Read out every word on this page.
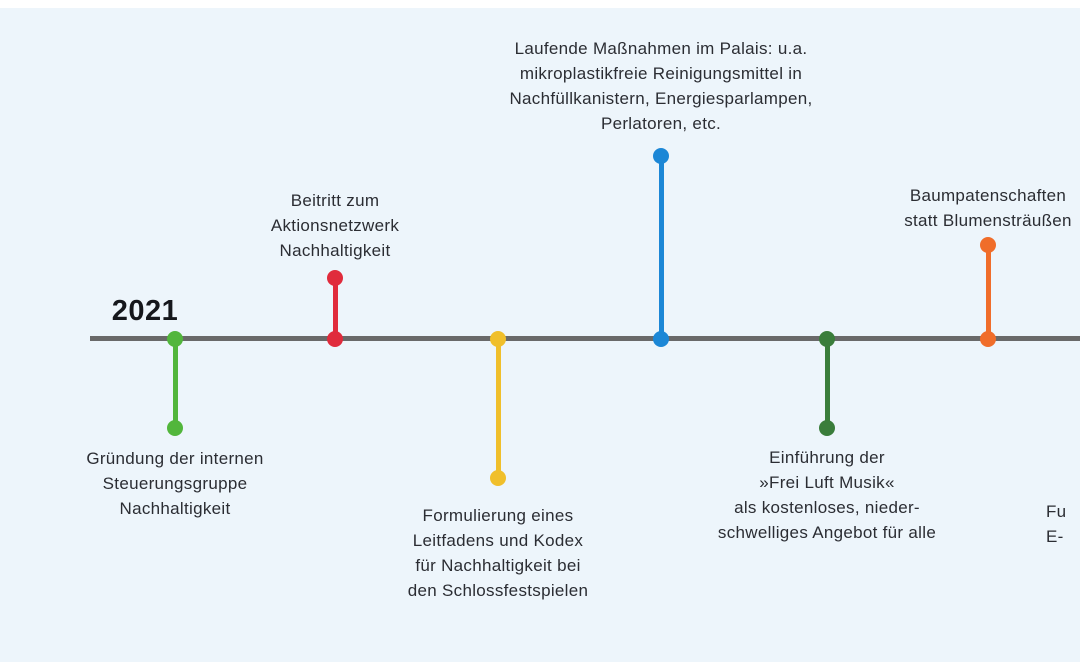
2021
Gründung der internen
Steuerungsgruppe
Nachhaltigkeit
Beitritt zum
Aktionsnetzwerk
Nachhaltigkeit
Formulierung eines
Leitfadens und Kodex
für Nachhaltigkeit bei
den Schlossfestspielen
Laufende Maßnahmen im Palais: u.a.
mikroplastikfreie Reinigungsmittel in
Nachfüllkanistern, Energiesparlampen,
Perlatoren, etc.
Einführung der
»Frei Luft Musik«
als kostenloses, nieder-
schwelliges Angebot für alle
Baumpatenschaften
statt Blumensträußen
Fu
E-
